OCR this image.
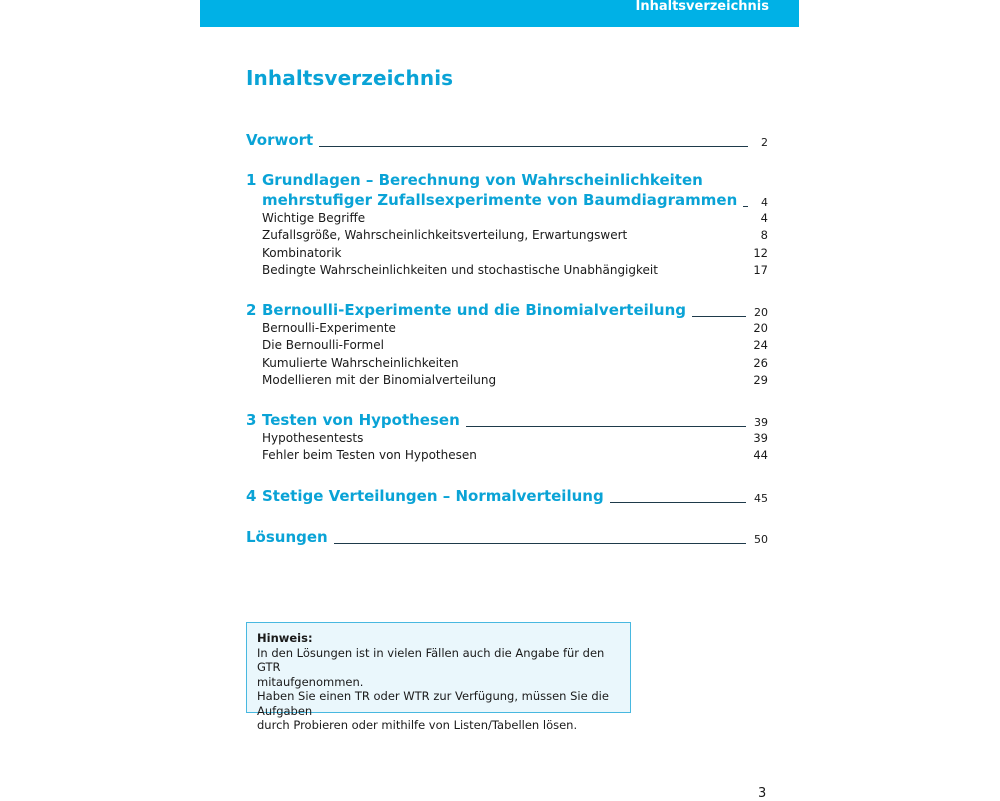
Inhaltsverzeichnis
Inhaltsverzeichnis
Vorwort	2
1 Grundlagen – Berechnung von Wahrscheinlichkeiten
mehrstufiger Zufallsexperimente von Baumdiagrammen	4
Wichtige Begriffe	4
Zufallsgröße, Wahrscheinlichkeitsverteilung, Erwartungswert	8
Kombinatorik	12
Bedingte Wahrscheinlichkeiten und stochastische Unabhängigkeit	17
2 Bernoulli-Experimente und die Binomialverteilung	20
Bernoulli-Experimente	20
Die Bernoulli-Formel	24
Kumulierte Wahrscheinlichkeiten	26
Modellieren mit der Binomialverteilung	29
3 Testen von Hypothesen	39
Hypothesentests	39
Fehler beim Testen von Hypothesen	44
4 Stetige Verteilungen – Normalverteilung	45
Lösungen	50
Hinweis:
In den Lösungen ist in vielen Fällen auch die Angabe für den GTR
mitaufgenommen.
Haben Sie einen TR oder WTR zur Verfügung, müssen Sie die Aufgaben
durch Probieren oder mithilfe von Listen/Tabellen lösen.
3
